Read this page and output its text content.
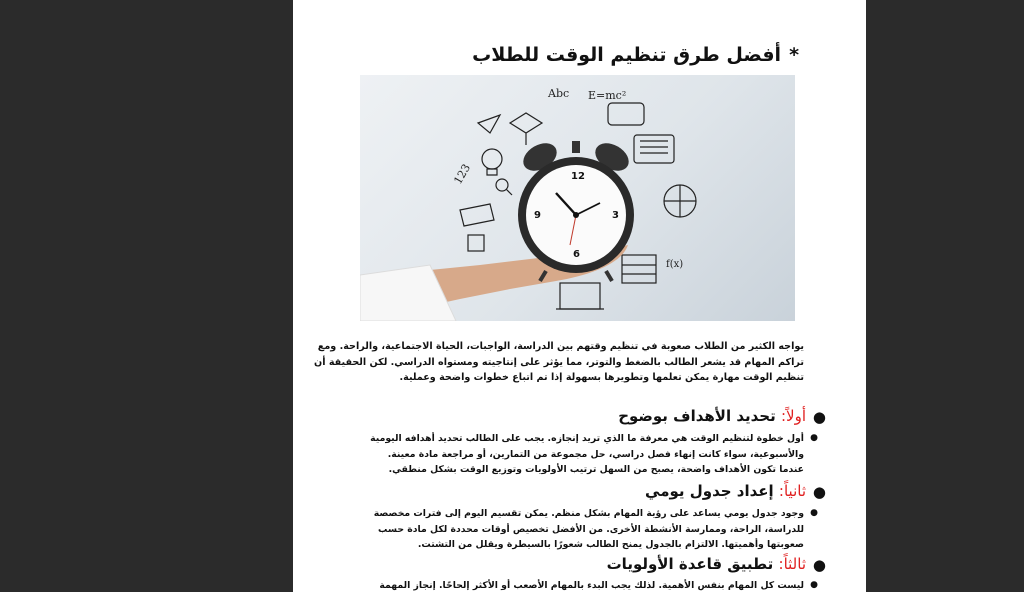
*أفضل طرق تنظيم الوقت للطلاب
Abc E=mc²
123
f(x)
12
3
6
9
يواجه الكثير من الطلاب صعوبة في تنظيم وقتهم بين الدراسة، الواجبات، الحياة الاجتماعية، والراحة. ومع
تراكم المهام قد يشعر الطالب بالضغط والتوتر، مما يؤثر على إنتاجيته ومستواه الدراسي. لكن الحقيقة أن
تنظيم الوقت مهارة يمكن تعلمها وتطويرها بسهولة إذا تم اتباع خطوات واضحة وعملية.
●
أولاً: تحديد الأهداف بوضوح
●
أول خطوة لتنظيم الوقت هي معرفة ما الذي تريد إنجازه. يجب على الطالب تحديد أهدافه اليومية
والأسبوعية، سواء كانت إنهاء فصل دراسي، حل مجموعة من التمارين، أو مراجعة مادة معينة.
عندما تكون الأهداف واضحة، يصبح من السهل ترتيب الأولويات وتوزيع الوقت بشكل منطقي.
●
ثانياً: إعداد جدول يومي
●
وجود جدول يومي يساعد على رؤية المهام بشكل منظم. يمكن تقسيم اليوم إلى فترات مخصصة
للدراسة، الراحة، وممارسة الأنشطة الأخرى. من الأفضل تخصيص أوقات محددة لكل مادة حسب
صعوبتها وأهميتها. الالتزام بالجدول يمنح الطالب شعورًا بالسيطرة ويقلل من التشتت.
●
ثالثاً: تطبيق قاعدة الأولويات
●
ليست كل المهام بنفس الأهمية. لذلك يجب البدء بالمهام الأصعب أو الأكثر إلحاحًا. إنجاز المهمة
